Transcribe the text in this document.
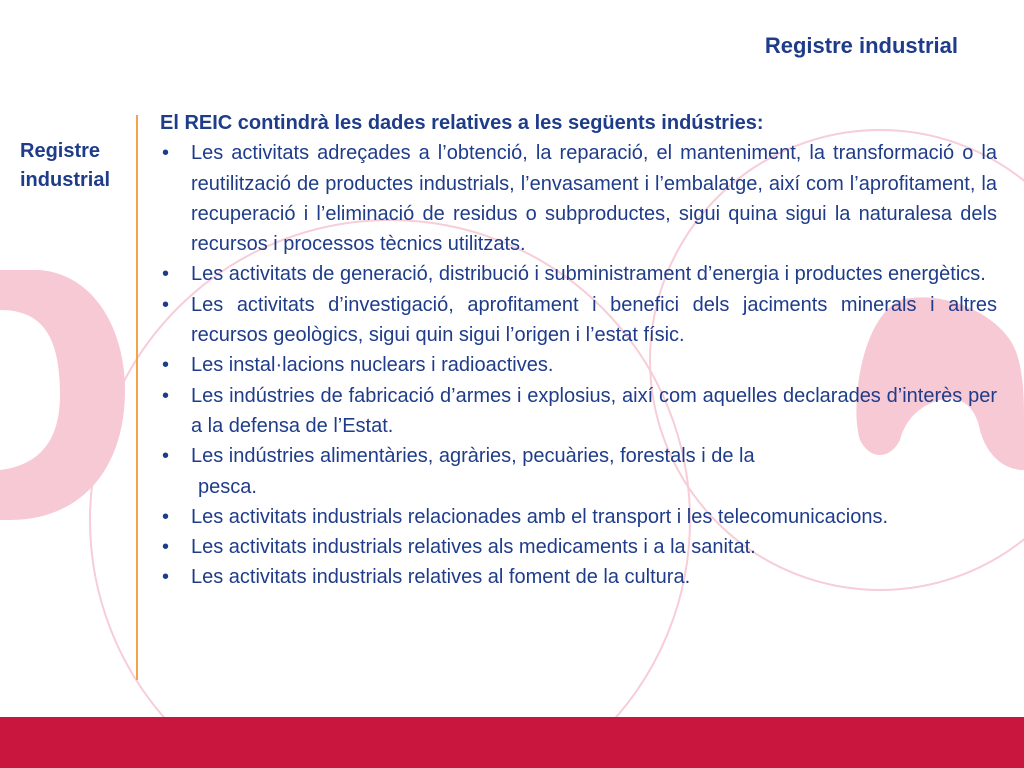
Registre industrial
Registre
industrial

El REIC contindrà les dades relatives a les següents indústries:

• Les activitats adreçades a l’obtenció, la reparació, el manteniment, la transformació o la reutilització de productes industrials, l’envasament i l’embalatge, així com l’aprofitament, la recuperació i l’eliminació de residus o subproductes, sigui quina sigui la naturalesa dels recursos i processos tècnics utilitzats.
• Les activitats de generació, distribució i subministrament d’energia i productes energètics.
• Les activitats d’investigació, aprofitament i benefici dels jaciments minerals i altres recursos geològics, sigui quin sigui l’origen i l’estat físic.
• Les instal·lacions nuclears i radioactives.
• Les indústries de fabricació d’armes i explosius, així com aquelles declarades d’interès per a la defensa de l’Estat.
• Les indústries alimentàries, agràries, pecuàries, forestals i de la
pesca.
• Les activitats industrials relacionades amb el transport i les telecomunicacions.
• Les activitats industrials relatives als medicaments i a la sanitat.
• Les activitats industrials relatives al foment de la cultura.
